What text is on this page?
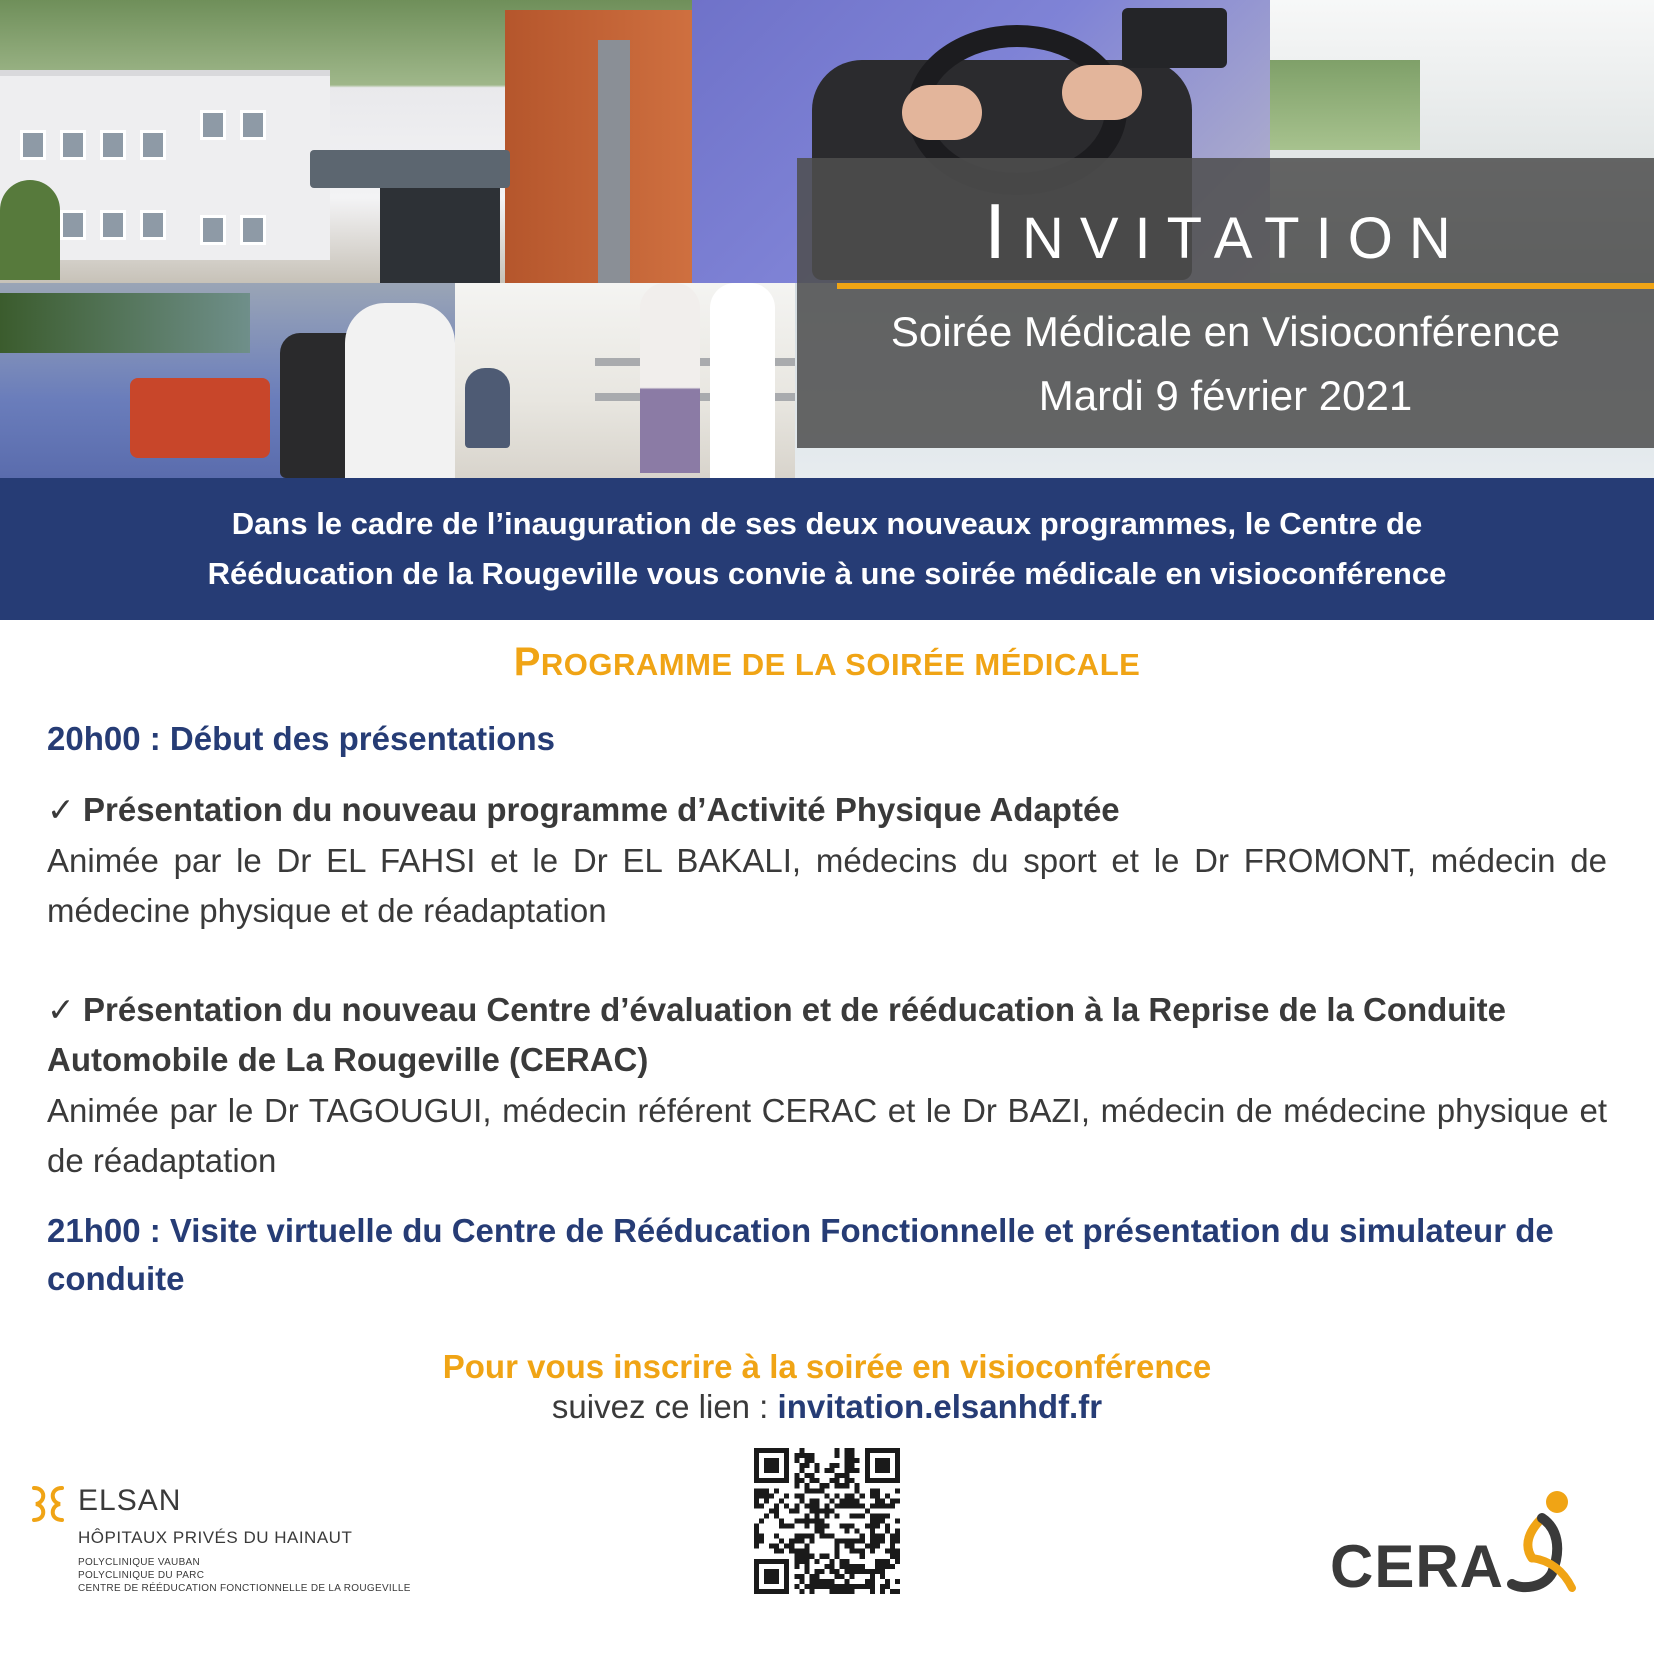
INVITATION
Soirée Médicale en Visioconférence
Mardi 9 février 2021
Dans le cadre de l’inauguration de ses deux nouveaux programmes, le Centre de
Rééducation de la Rougeville vous convie à une soirée médicale en visioconférence
PROGRAMME DE LA SOIRÉE MÉDICALE
20h00 : Début des présentations
✓ Présentation du nouveau programme d’Activité Physique Adaptée
Animée par le Dr EL FAHSI et le Dr EL BAKALI, médecins du sport et le Dr FROMONT, médecin de médecine physique et de réadaptation
✓ Présentation du nouveau Centre d’évaluation et de rééducation à la Reprise de la Conduite Automobile de La Rougeville (CERAC)
Animée par le Dr TAGOUGUI, médecin référent CERAC et le Dr BAZI, médecin de médecine physique et de réadaptation
21h00 : Visite virtuelle du Centre de Rééducation Fonctionnelle et présentation du simulateur de conduite
Pour vous inscrire à la soirée en visioconférence
suivez ce lien : invitation.elsanhdf.fr
ELSAN
HÔPITAUX PRIVÉS DU HAINAUT
POLYCLINIQUE VAUBAN
POLYCLINIQUE DU PARC
CENTRE DE RÉÉDUCATION FONCTIONNELLE DE LA ROUGEVILLE	CERA
